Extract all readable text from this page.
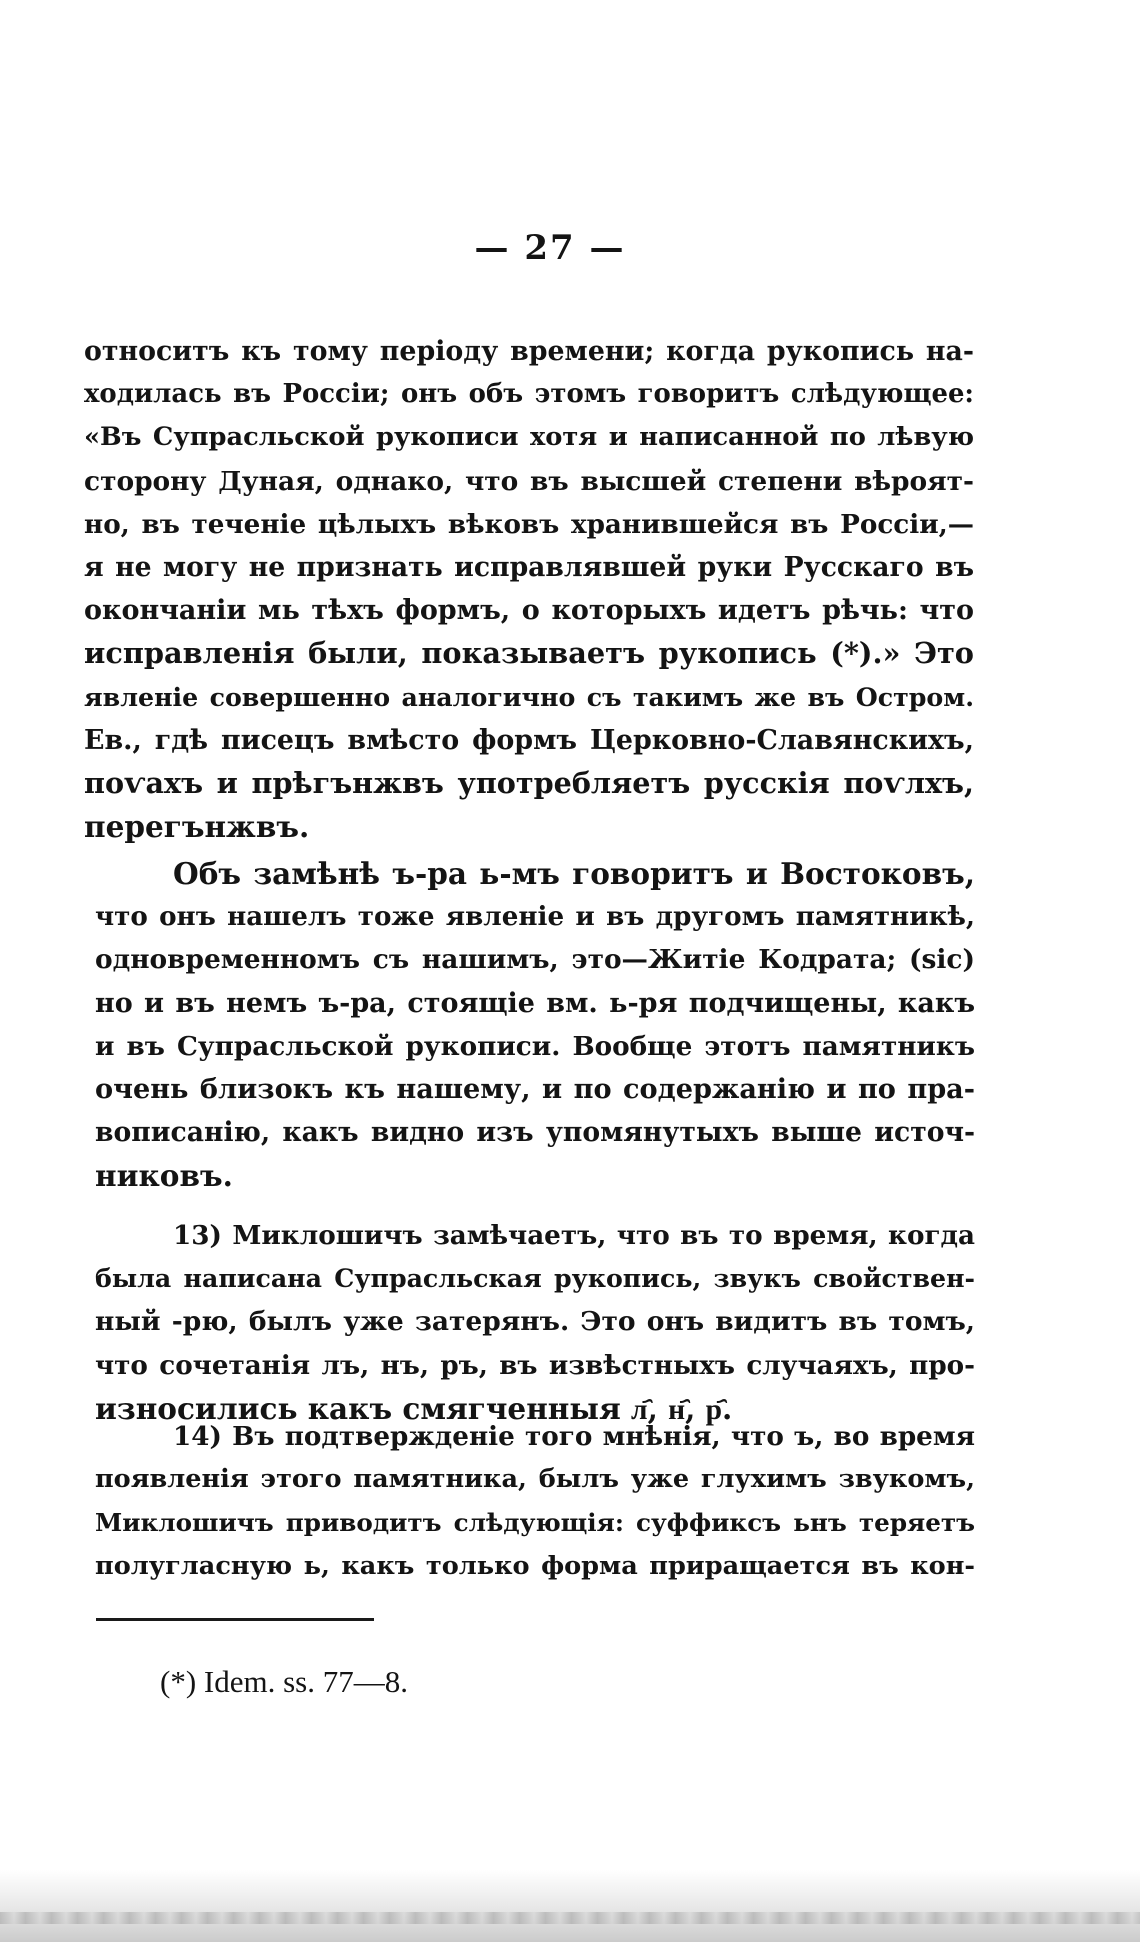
— 27 —
относитъ къ тому періоду времени; когда рукопись на-
ходилась въ Россіи; онъ объ этомъ говоритъ слѣдующее:
«Въ Супрасльской рукописи хотя и написанной по лѣвую
сторону Дуная, однако, что въ высшей степени вѣроят-
но, въ теченіе цѣлыхъ вѣковъ хранившейся въ Россіи,—
я не могу не признать исправлявшей руки Русскаго въ
окончаніи мь тѣхъ формъ, о которыхъ идетъ рѣчь: что
исправленія были, показываетъ рукопись (*).» Это
явленіе совершенно аналогично съ такимъ же въ Остром.
Ев., гдѣ писецъ вмѣсто формъ Церковно-Славянскихъ,
поѵахъ и прѣгънжвъ употребляетъ русскія поѵлхъ,
перегънжвъ.
Объ замѣнѣ ъ-ра ь-мъ говоритъ и Востоковъ,
что онъ нашелъ тоже явленіе и въ другомъ памятникѣ,
одновременномъ съ нашимъ, это—Житіе Кодрата; (sic)
но и въ немъ ъ-ра, стоящіе вм. ь-ря подчищены, какъ
и въ Супрасльской рукописи. Вообще этотъ памятникъ
очень близокъ къ нашему, и по содержанію и по пра-
вописанію, какъ видно изъ упомянутыхъ выше источ-
никовъ.
13) Миклошичъ замѣчаетъ, что въ то время, когда
была написана Супрасльская рукопись, звукъ свойствен-
ный -рю, былъ уже затерянъ. Это онъ видитъ въ томъ,
что сочетанія лъ, нъ, ръ, въ извѣстныхъ случаяхъ, про-
износились какъ смягченныя л҄, н҄, р҄.
14) Въ подтвержденіе того мнѣнія, что ъ, во время
появленія этого памятника, былъ уже глухимъ звукомъ,
Миклошичъ приводитъ слѣдующія: суффиксъ ьнъ теряетъ
полугласную ь, какъ только форма приращается въ кон-
(*) Idem. ss. 77—8.
